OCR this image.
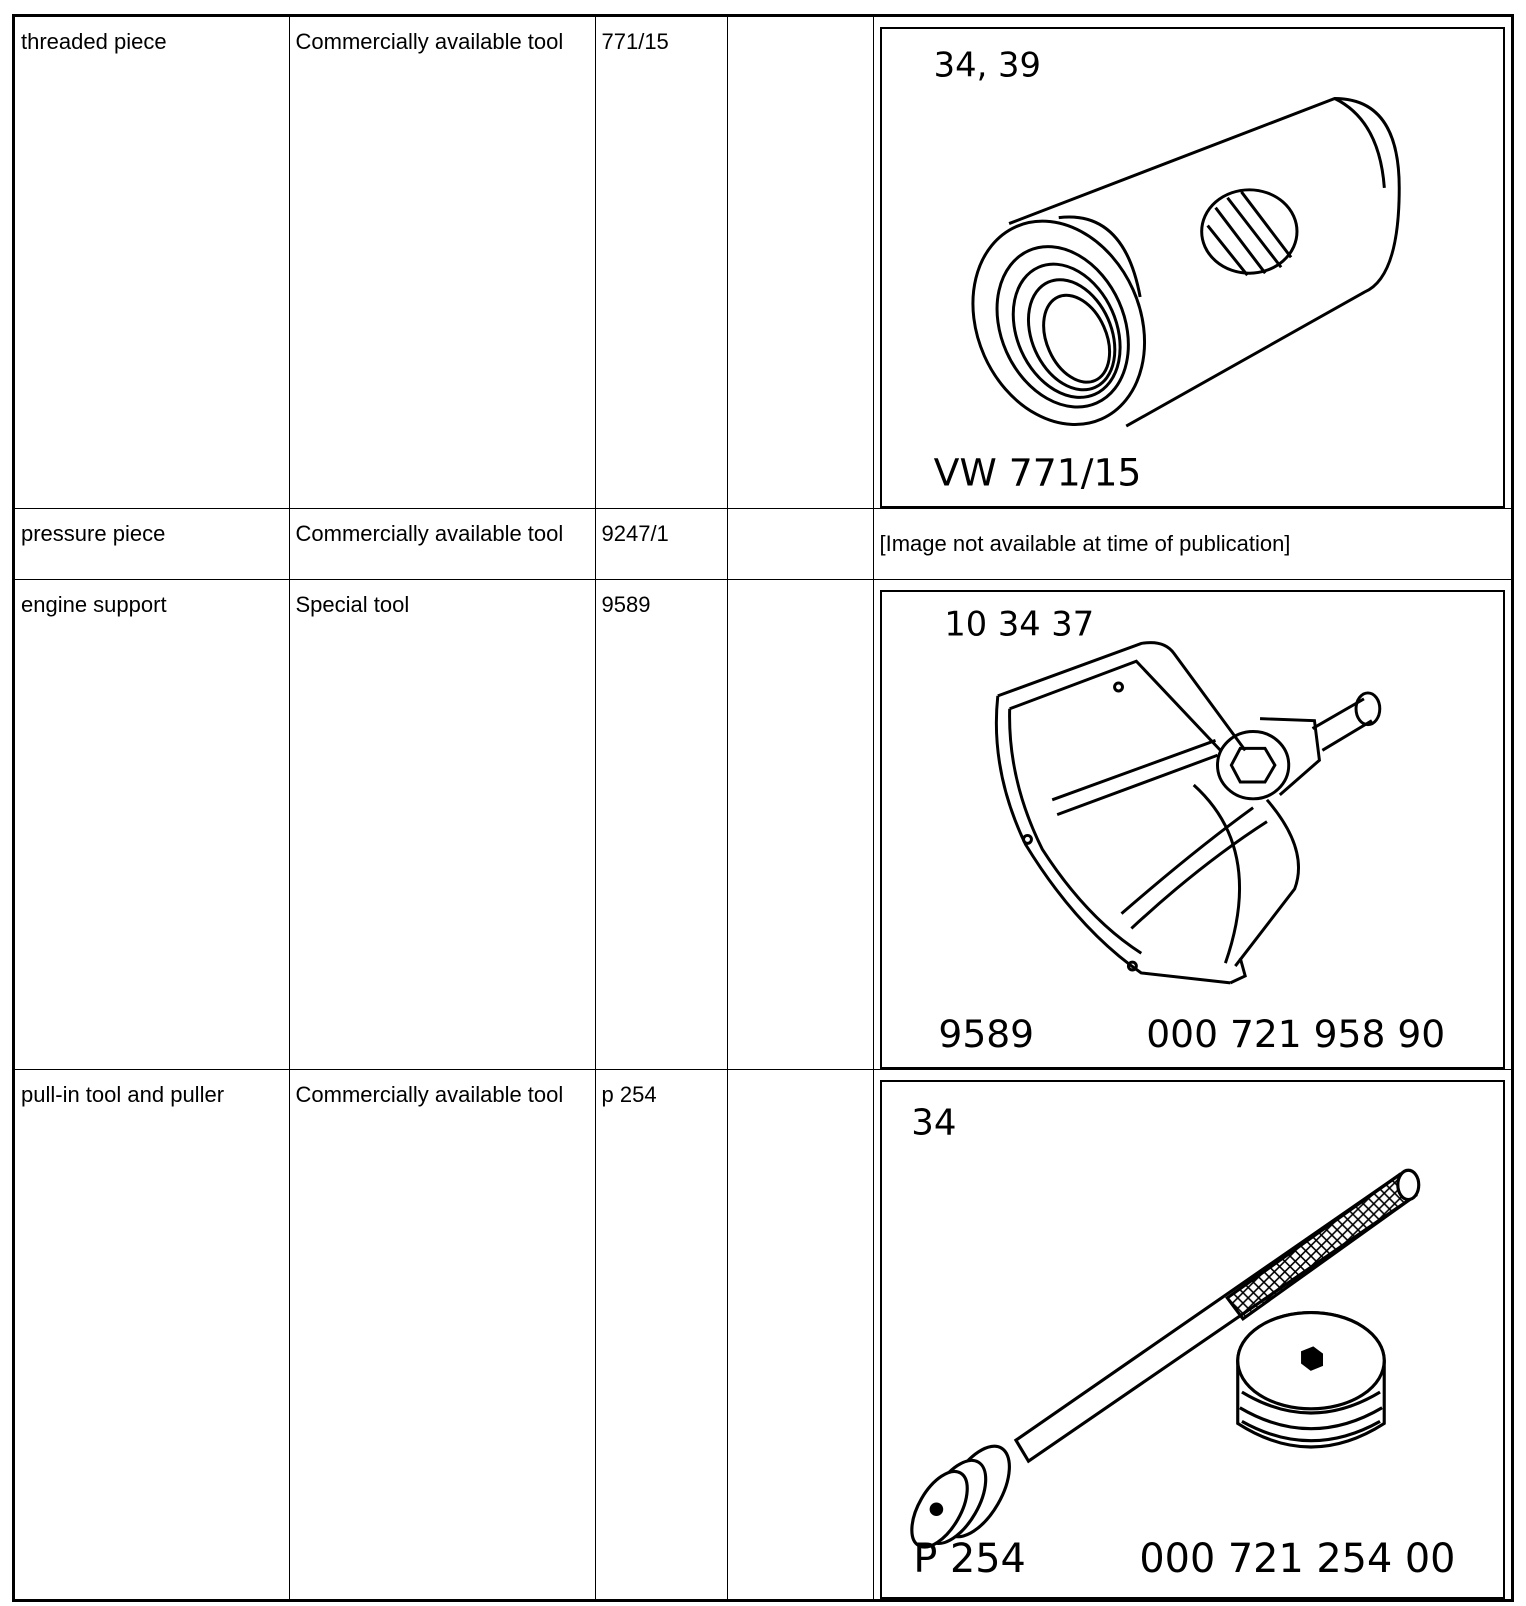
threaded piece	Commercially available tool	771/15		34, 39
VW 771/15

pressure piece	Commercially available tool	9247/1		[Image not available at time of publication]
engine support	Special tool	9589		10 34 37
9589 000 721 958 90

pull-in tool and puller	Commercially available tool	p 254		34
P 254 000 721 254 00
